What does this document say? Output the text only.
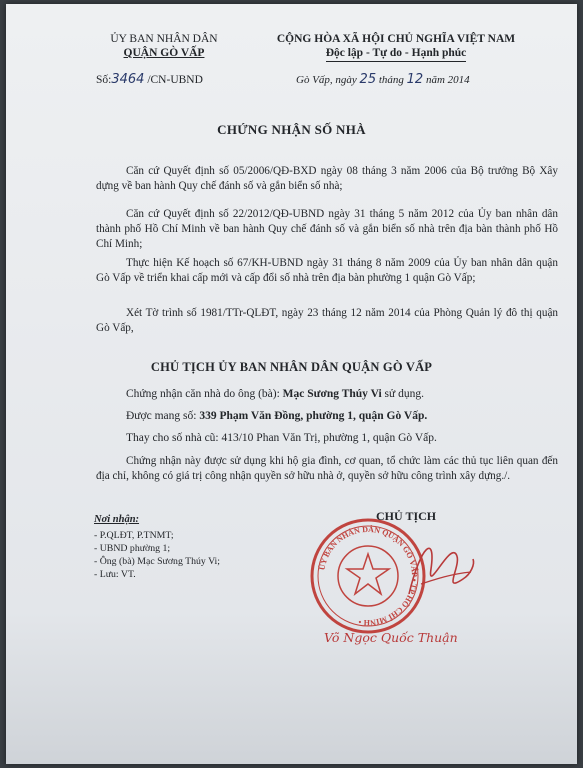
ỦY BAN NHÂN DÂN
QUẬN GÒ VẤP
CỘNG HÒA XÃ HỘI CHỦ NGHĨA VIỆT NAM
Độc lập - Tự do - Hạnh phúc
Số:3464 /CN-UBND	Gò Vấp, ngày 25 tháng 12 năm 2014
CHỨNG NHẬN SỐ NHÀ
Căn cứ Quyết định số 05/2006/QĐ-BXD ngày 08 tháng 3 năm 2006 của Bộ trưởng Bộ Xây dựng về ban hành Quy chế đánh số và gắn biển số nhà;
Căn cứ Quyết định số 22/2012/QĐ-UBND ngày 31 tháng 5 năm 2012 của Ủy ban nhân dân thành phố Hồ Chí Minh về ban hành Quy chế đánh số và gắn biển số nhà trên địa bàn thành phố Hồ Chí Minh;
Thực hiện Kế hoạch số 67/KH-UBND ngày 31 tháng 8 năm 2009 của Ủy ban nhân dân quận Gò Vấp về triển khai cấp mới và cấp đổi số nhà trên địa bàn phường 1 quận Gò Vấp;
Xét Tờ trình số 1981/TTr-QLĐT, ngày 23 tháng 12 năm 2014 của Phòng Quản lý đô thị quận Gò Vấp,
CHỦ TỊCH ỦY BAN NHÂN DÂN QUẬN GÒ VẤP
Chứng nhận căn nhà do ông (bà): Mạc Sương Thúy Vi sử dụng.
Được mang số: 339 Phạm Văn Đồng, phường 1, quận Gò Vấp.
Thay cho số nhà cũ: 413/10 Phan Văn Trị, phường 1, quận Gò Vấp.
Chứng nhận này được sử dụng khi hộ gia đình, cơ quan, tổ chức làm các thủ tục liên quan đến địa chỉ, không có giá trị công nhận quyền sở hữu nhà ở, quyền sở hữu công trình xây dựng./.
Nơi nhận:
- P.QLĐT, P.TNMT;
- UBND phường 1;
- Ông (bà) Mạc Sương Thúy Vi;
- Lưu: VT.
ỦY BAN NHÂN DÂN QUẬN GÒ VẤP • TP HỒ CHÍ MINH •
CHỦ TỊCH
Võ Ngọc Quốc Thuận
